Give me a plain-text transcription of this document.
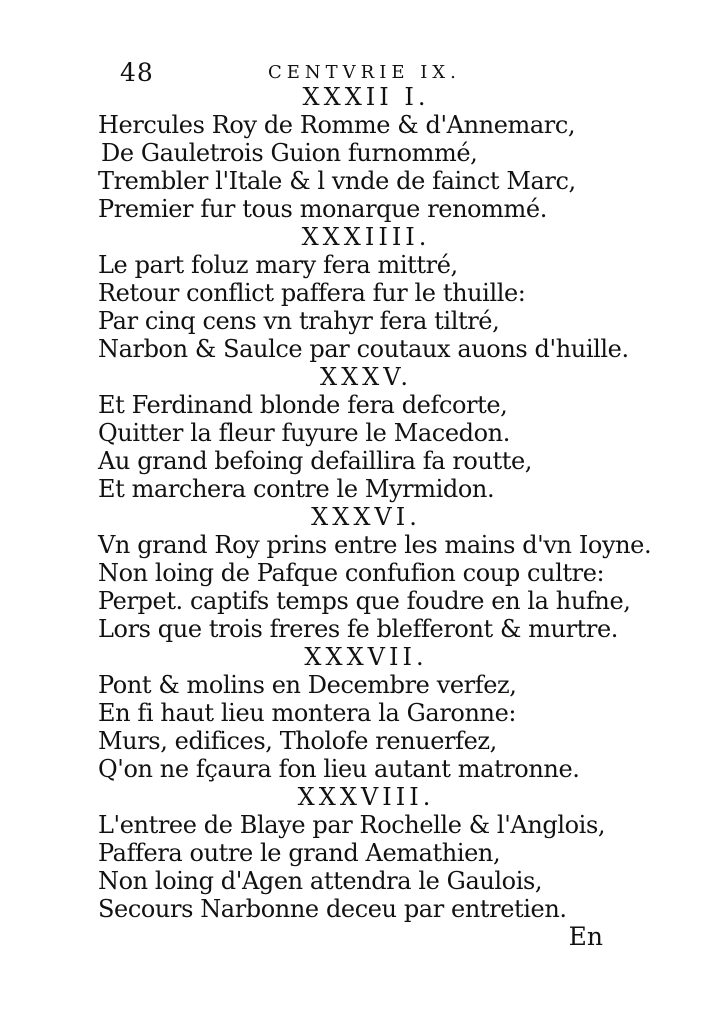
48	CENTVRIE IX.
XXXII I.
Hercules Roy de Romme & d'Annemarc,
De Gauletrois Guion furnommé,
Trembler l'Itale & l vnde de fainct Marc,
Premier fur tous monarque renommé.
XXXIIII.
Le part foluz mary fera mittré,
Retour conflict paffera fur le thuille:
Par cinq cens vn trahyr fera tiltré,
Narbon & Saulce par coutaux auons d'huille.
XXXV.
Et Ferdinand blonde fera defcorte,
Quitter la fleur fuyure le Macedon.
Au grand befoing defaillira fa routte,
Et marchera contre le Myrmidon.
XXXVI.
Vn grand Roy prins entre les mains d'vn Ioyne.
Non loing de Pafque confufion coup cultre:
Perpet. captifs temps que foudre en la hufne,
Lors que trois freres fe blefferont & murtre.
XXXVII.
Pont & molins en Decembre verfez,
En fi haut lieu montera la Garonne:
Murs, edifices, Tholofe renuerfez,
Q'on ne fçaura fon lieu autant matronne.
XXXVIII.
L'entree de Blaye par Rochelle & l'Anglois,
Paffera outre le grand Aemathien,
Non loing d'Agen attendra le Gaulois,
Secours Narbonne deceu par entretien.
En
